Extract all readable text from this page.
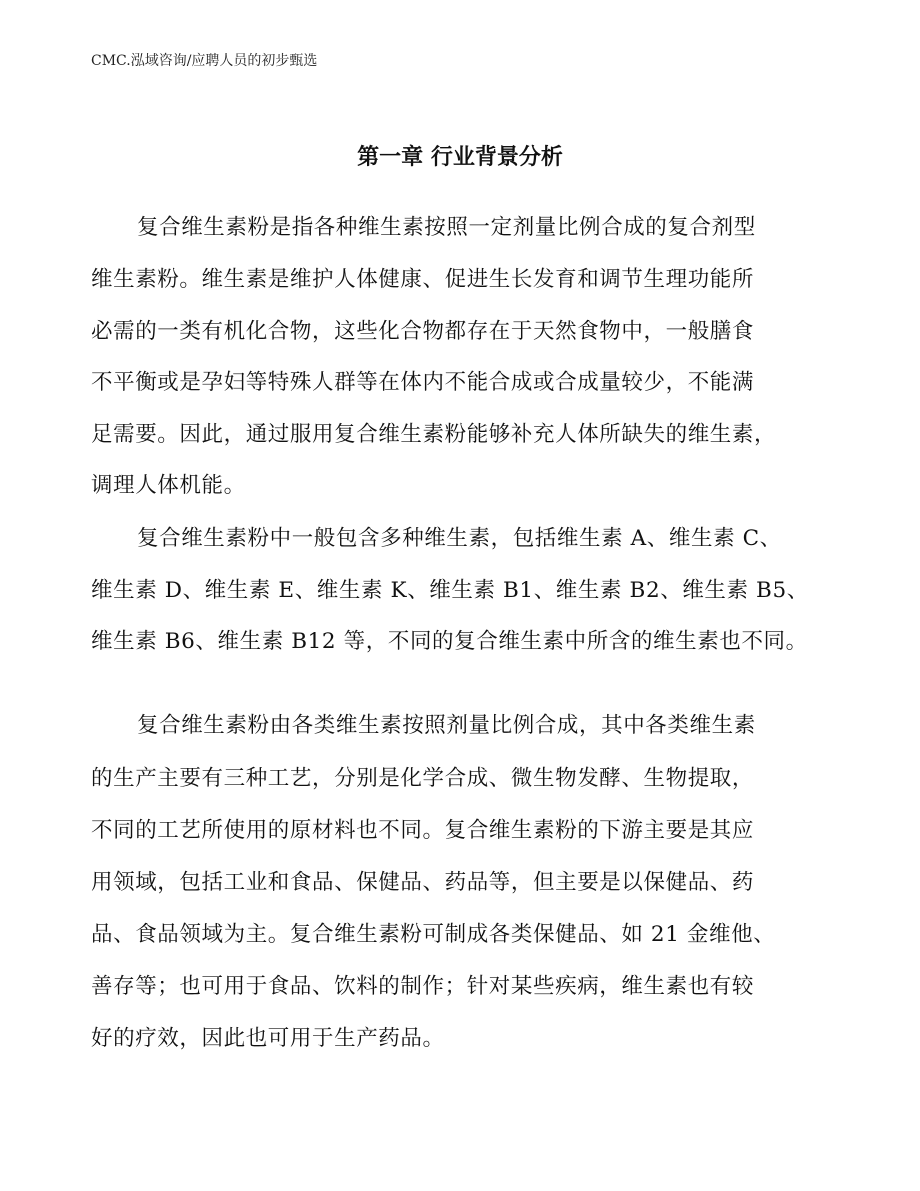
CMC.泓域咨询/应聘人员的初步甄选
第一章 行业背景分析
复合维生素粉是指各种维生素按照一定剂量比例合成的复合剂型
维生素粉。维生素是维护人体健康、促进生长发育和调节生理功能所
必需的一类有机化合物，这些化合物都存在于天然食物中，一般膳食
不平衡或是孕妇等特殊人群等在体内不能合成或合成量较少，不能满
足需要。因此，通过服用复合维生素粉能够补充人体所缺失的维生素，
调理人体机能。
复合维生素粉中一般包含多种维生素，包括维生素 A、维生素 C、
维生素 D、维生素 E、维生素 K、维生素 B1、维生素 B2、维生素 B5、
维生素 B6、维生素 B12 等，不同的复合维生素中所含的维生素也不同。
复合维生素粉由各类维生素按照剂量比例合成，其中各类维生素
的生产主要有三种工艺，分别是化学合成、微生物发酵、生物提取，
不同的工艺所使用的原材料也不同。复合维生素粉的下游主要是其应
用领域，包括工业和食品、保健品、药品等，但主要是以保健品、药
品、食品领域为主。复合维生素粉可制成各类保健品、如 21 金维他、
善存等；也可用于食品、饮料的制作；针对某些疾病，维生素也有较
好的疗效，因此也可用于生产药品。
